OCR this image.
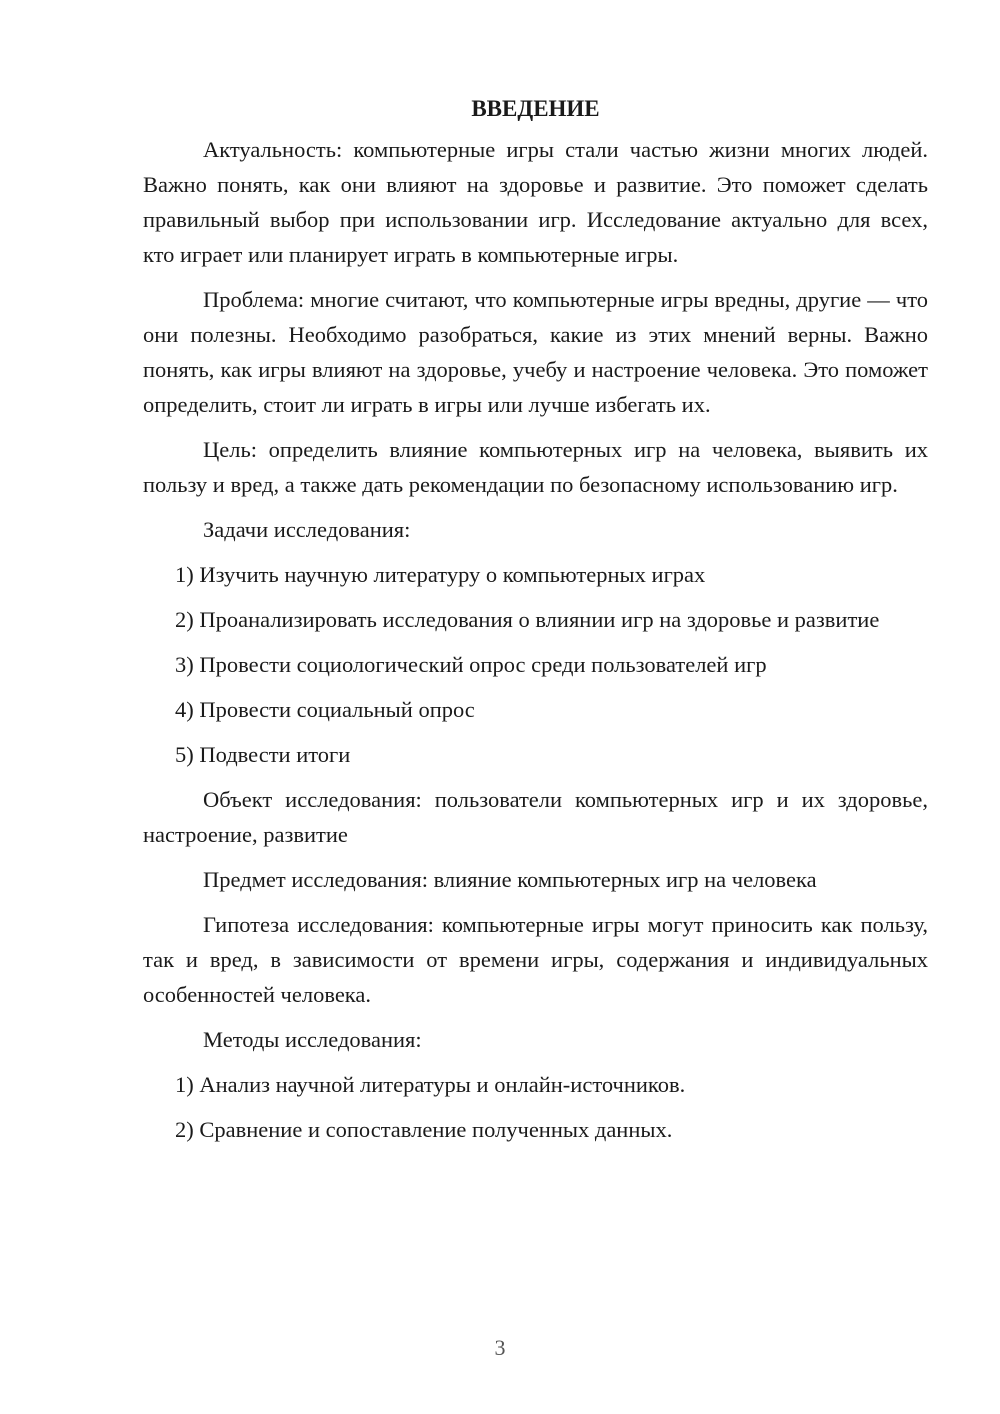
ВВЕДЕНИЕ

Актуальность: компьютерные игры стали частью жизни многих людей. Важно понять, как они влияют на здоровье и развитие. Это поможет сделать правильный выбор при использовании игр. Исследование актуально для всех, кто играет или планирует играть в компьютерные игры.

Проблема: многие считают, что компьютерные игры вредны, другие — что они полезны. Необходимо разобраться, какие из этих мнений верны. Важно понять, как игры влияют на здоровье, учебу и настроение человека. Это поможет определить, стоит ли играть в игры или лучше избегать их.

Цель: определить влияние компьютерных игр на человека, выявить их пользу и вред, а также дать рекомендации по безопасному использованию игр.

Задачи исследования:

1) Изучить научную литературу о компьютерных играх

2) Проанализировать исследования о влиянии игр на здоровье и развитие

3) Провести социологический опрос среди пользователей игр

4) Провести социальный опрос

5) Подвести итоги

Объект исследования: пользователи компьютерных игр и их здоровье, настроение, развитие

Предмет исследования: влияние компьютерных игр на человека

Гипотеза исследования: компьютерные игры могут приносить как пользу, так и вред, в зависимости от времени игры, содержания и индивидуальных особенностей человека.

Методы исследования:

1) Анализ научной литературы и онлайн-источников.

2) Сравнение и сопоставление полученных данных.

3
